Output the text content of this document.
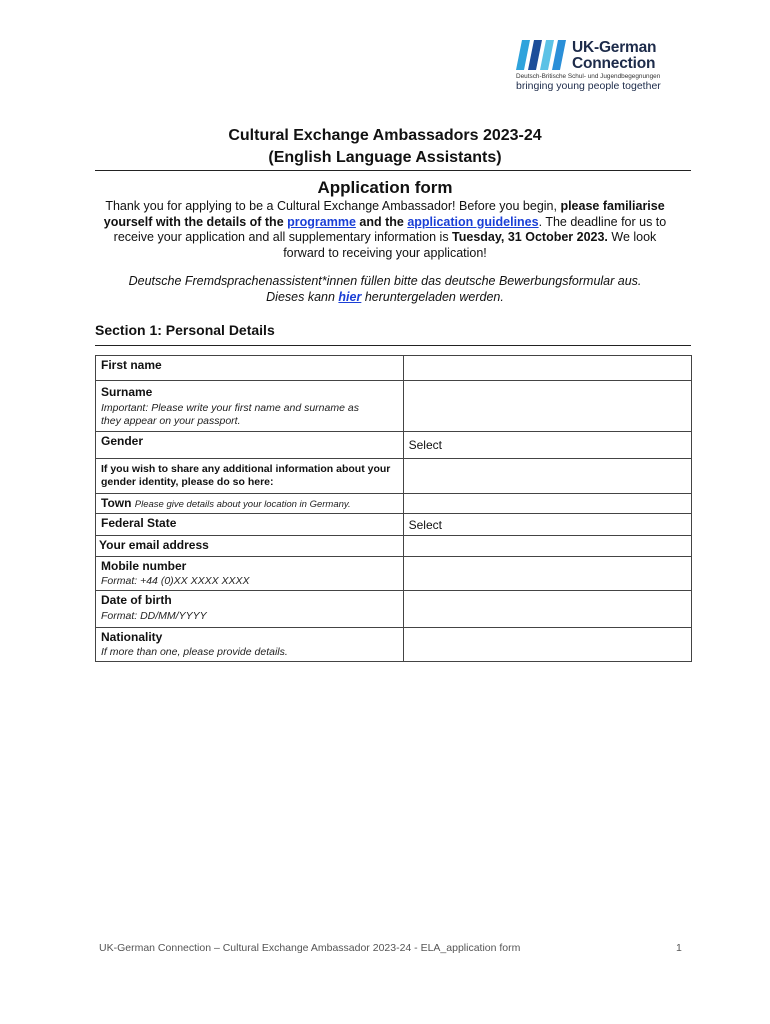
UK-German
Connection
Deutsch-Britische Schul- und Jugendbegegnungen
bringing young people together
Cultural Exchange Ambassadors 2023-24
(English Language Assistants)
Application form
Thank you for applying to be a Cultural Exchange Ambassador! Before you begin, please familiarise yourself with the details of the programme and the application guidelines. The deadline for us to receive your application and all supplementary information is Tuesday, 31 October 2023. We look forward to receiving your application!
Deutsche Fremdsprachenassistent*innen füllen bitte das deutsche Bewerbungsformular aus.
Dieses kann hier heruntergeladen werden.
Section 1: Personal Details
First name	

Surname
Important: Please write your first name and surname as they appear on your passport.	

Gender	Select

If you wish to share any additional information about your gender identity, please do so here:	

Town Please give details about your location in Germany.	
Federal State	Select

Your email address	

Mobile number
Format: +44 (0)XX XXXX XXXX	

Date of birth
Format: DD/MM/YYYY	

Nationality
If more than one, please provide details.	

UK-German Connection – Cultural Exchange Ambassador 2023-24 - ELA_application form	1
